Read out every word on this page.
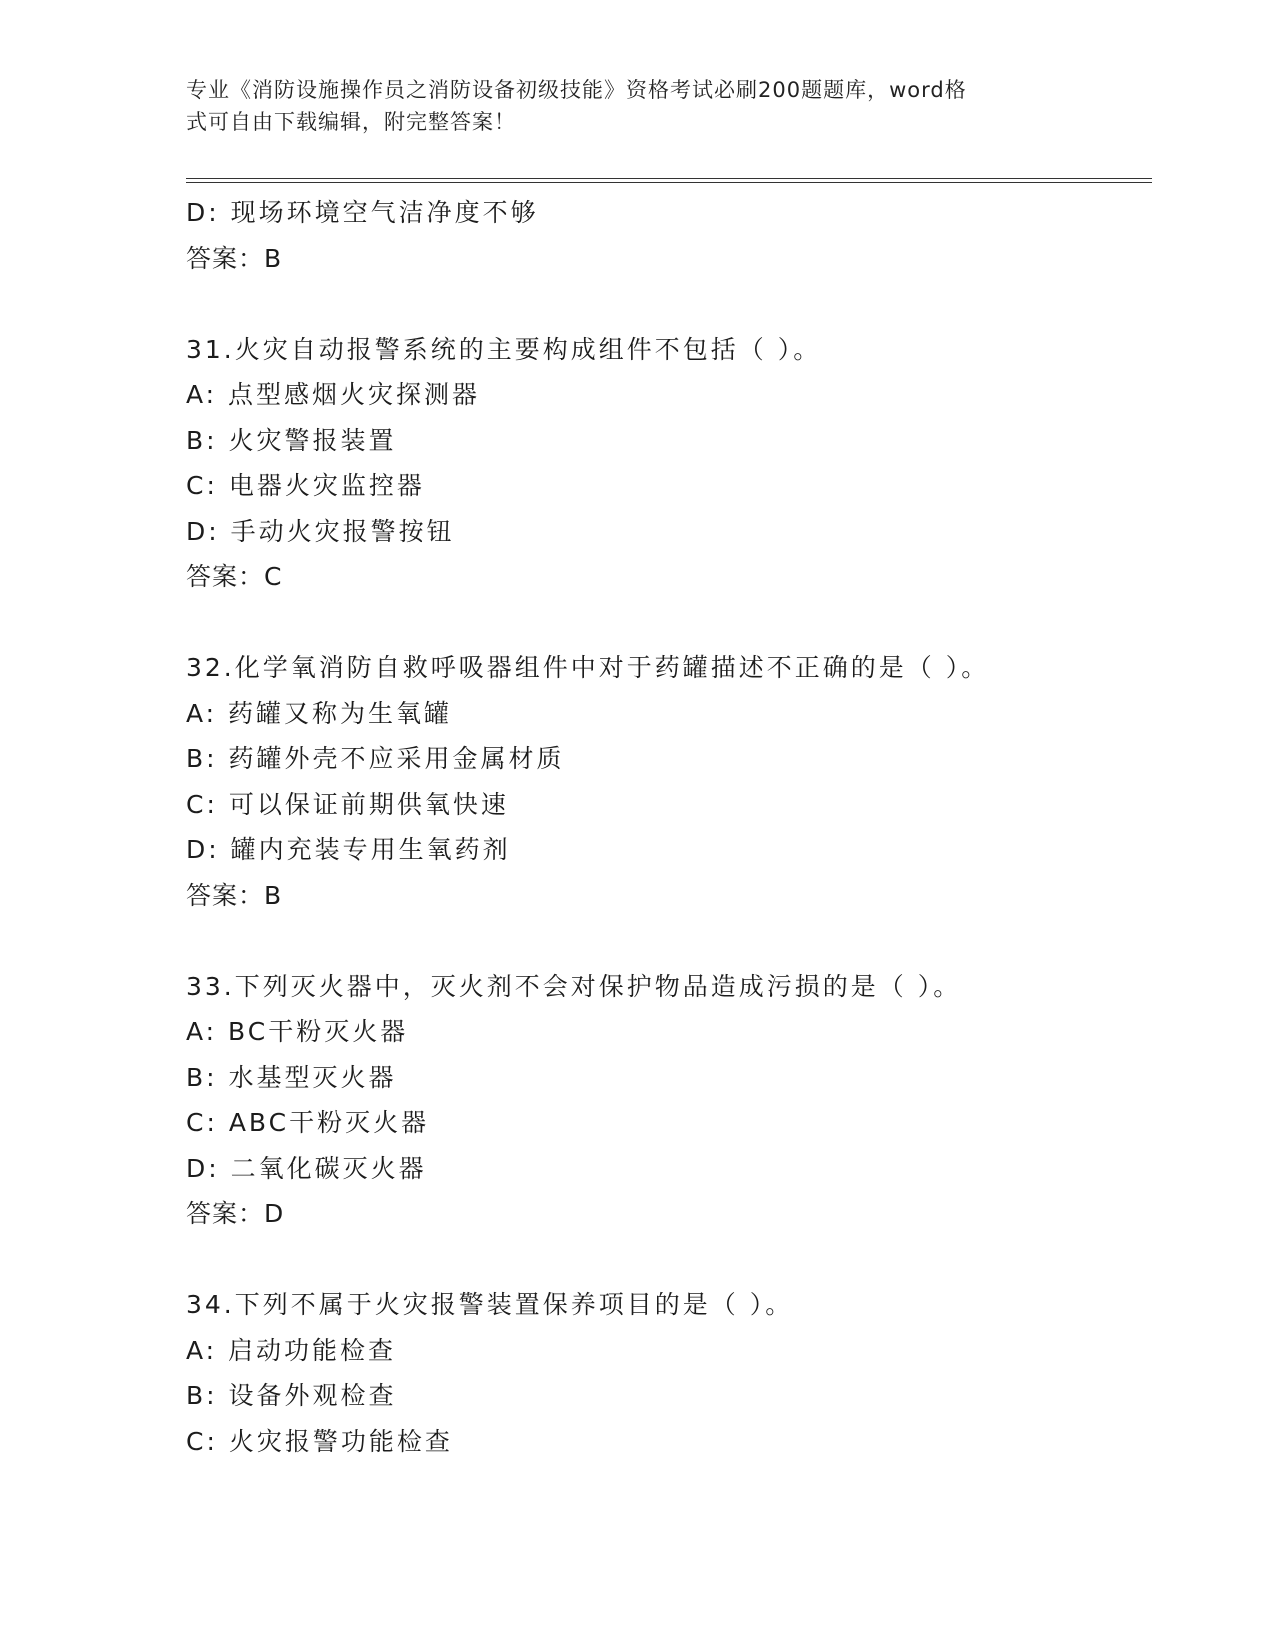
专业《消防设施操作员之消防设备初级技能》资格考试必刷200题题库，word格
式可自由下载编辑，附完整答案！
D: 现场环境空气洁净度不够
答案：B
31.火灾自动报警系统的主要构成组件不包括（ ）。
A: 点型感烟火灾探测器
B: 火灾警报装置
C: 电器火灾监控器
D: 手动火灾报警按钮
答案：C
32.化学氧消防自救呼吸器组件中对于药罐描述不正确的是（ ）。
A: 药罐又称为生氧罐
B: 药罐外壳不应采用金属材质
C: 可以保证前期供氧快速
D: 罐内充装专用生氧药剂
答案：B
33.下列灭火器中，灭火剂不会对保护物品造成污损的是（ ）。
A: BC干粉灭火器
B: 水基型灭火器
C: ABC干粉灭火器
D: 二氧化碳灭火器
答案：D
34.下列不属于火灾报警装置保养项目的是（ ）。
A: 启动功能检查
B: 设备外观检查
C: 火灾报警功能检查
